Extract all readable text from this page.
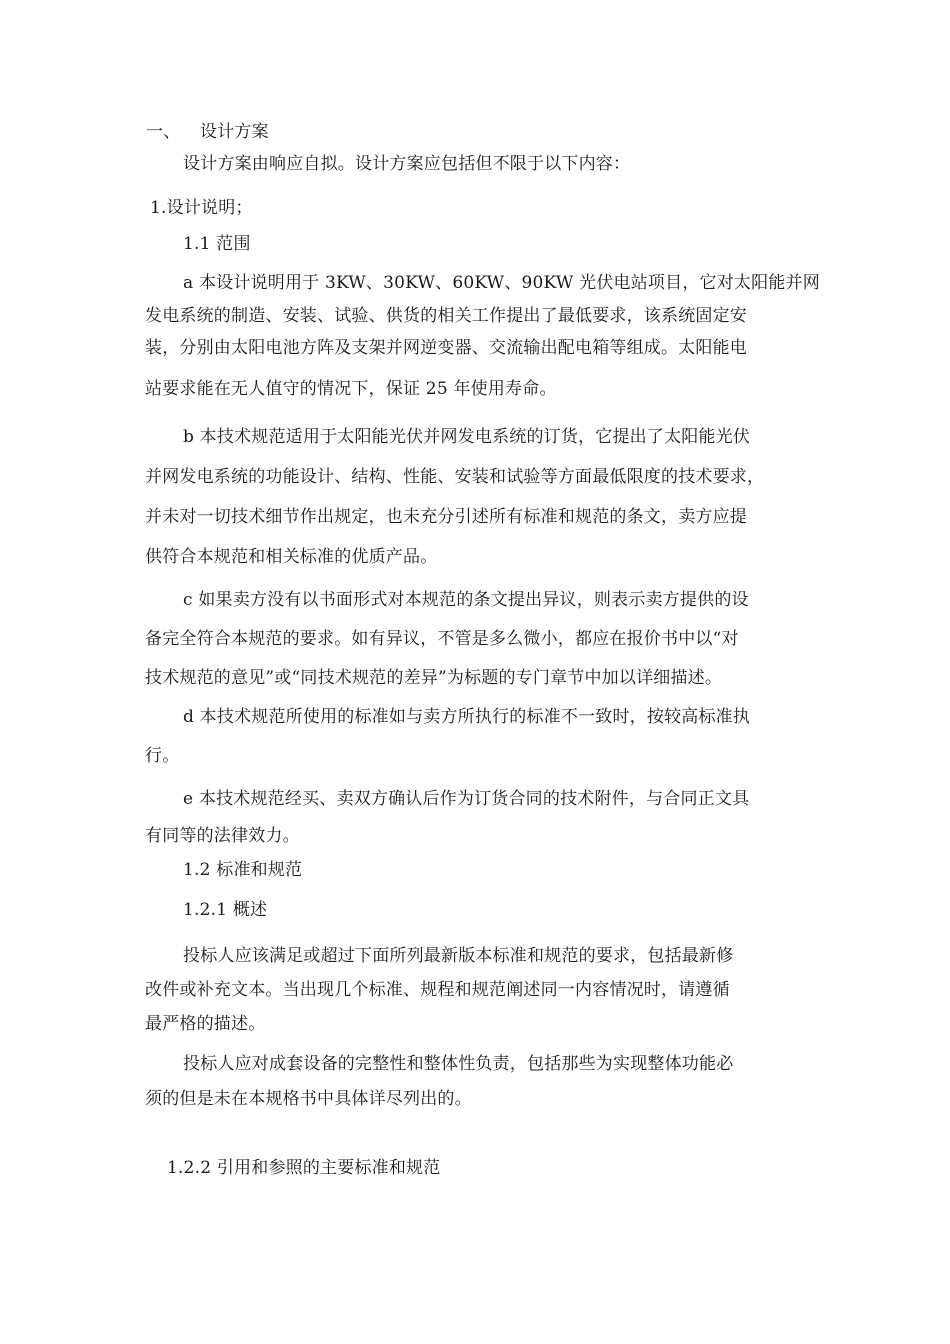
一、 设计方案
设计方案由响应自拟。设计方案应包括但不限于以下内容：
1.设计说明；
1.1 范围
a 本设计说明用于 3KW、30KW、60KW、90KW 光伏电站项目，它对太阳能并网
发电系统的制造、安装、试验、供货的相关工作提出了最低要求，该系统固定安
装，分别由太阳电池方阵及支架并网逆变器、交流输出配电箱等组成。太阳能电
站要求能在无人值守的情况下，保证 25 年使用寿命。
b 本技术规范适用于太阳能光伏并网发电系统的订货，它提出了太阳能光伏
并网发电系统的功能设计、结构、性能、安装和试验等方面最低限度的技术要求，
并未对一切技术细节作出规定，也未充分引述所有标准和规范的条文，卖方应提
供符合本规范和相关标准的优质产品。
c 如果卖方没有以书面形式对本规范的条文提出异议，则表示卖方提供的设
备完全符合本规范的要求。如有异议，不管是多么微小，都应在报价书中以“对
技术规范的意见”或“同技术规范的差异”为标题的专门章节中加以详细描述。
d 本技术规范所使用的标准如与卖方所执行的标准不一致时，按较高标准执
行。
e 本技术规范经买、卖双方确认后作为订货合同的技术附件，与合同正文具
有同等的法律效力。
1.2 标准和规范
1.2.1 概述
投标人应该满足或超过下面所列最新版本标准和规范的要求，包括最新修
改件或补充文本。当出现几个标准、规程和规范阐述同一内容情况时，请遵循
最严格的描述。
投标人应对成套设备的完整性和整体性负责，包括那些为实现整体功能必
须的但是未在本规格书中具体详尽列出的。
1.2.2 引用和参照的主要标准和规范
